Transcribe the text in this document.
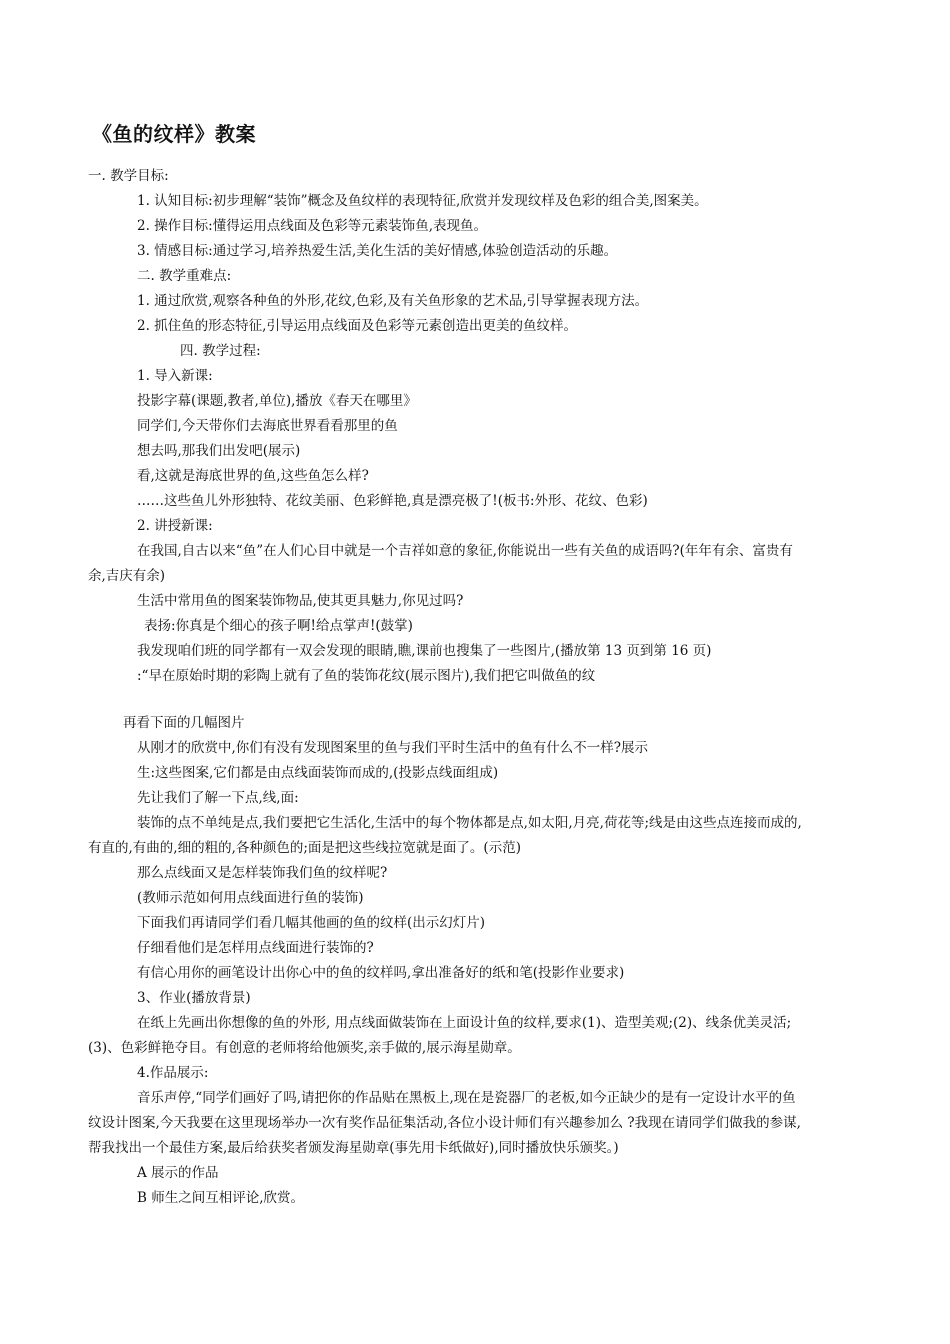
《鱼的纹样》教案
一. 教学目标:
1. 认知目标:初步理解“装饰”概念及鱼纹样的表现特征,欣赏并发现纹样及色彩的组合美,图案美。
2. 操作目标:懂得运用点线面及色彩等元素装饰鱼,表现鱼。
3. 情感目标:通过学习,培养热爱生活,美化生活的美好情感,体验创造活动的乐趣。
二. 教学重难点:
1. 通过欣赏,观察各种鱼的外形,花纹,色彩,及有关鱼形象的艺术品,引导掌握表现方法。
2. 抓住鱼的形态特征,引导运用点线面及色彩等元素创造出更美的鱼纹样。
四. 教学过程:
1. 导入新课:
投影字幕(课题,教者,单位),播放《春天在哪里》
同学们,今天带你们去海底世界看看那里的鱼
想去吗,那我们出发吧(展示)
看,这就是海底世界的鱼,这些鱼怎么样?
……这些鱼儿外形独特、花纹美丽、色彩鲜艳,真是漂亮极了!(板书:外形、花纹、色彩)
2. 讲授新课:
在我国,自古以来“鱼”在人们心目中就是一个吉祥如意的象征,你能说出一些有关鱼的成语吗?(年年有余、富贵有
余,吉庆有余)
生活中常用鱼的图案装饰物品,使其更具魅力,你见过吗?
表扬:你真是个细心的孩子啊!给点掌声!(鼓掌)
我发现咱们班的同学都有一双会发现的眼睛,瞧,课前也搜集了一些图片,(播放第 13 页到第 16 页)
:“早在原始时期的彩陶上就有了鱼的装饰花纹(展示图片),我们把它叫做鱼的纹
再看下面的几幅图片
从刚才的欣赏中,你们有没有发现图案里的鱼与我们平时生活中的鱼有什么不一样?展示
生:这些图案,它们都是由点线面装饰而成的,(投影点线面组成)
先让我们了解一下点,线,面:
装饰的点不单纯是点,我们要把它生活化,生活中的每个物体都是点,如太阳,月亮,荷花等;线是由这些点连接而成的,
有直的,有曲的,细的粗的,各种颜色的;面是把这些线拉宽就是面了。(示范)
那么点线面又是怎样装饰我们鱼的纹样呢?
(教师示范如何用点线面进行鱼的装饰)
下面我们再请同学们看几幅其他画的鱼的纹样(出示幻灯片)
仔细看他们是怎样用点线面进行装饰的?
有信心用你的画笔设计出你心中的鱼的纹样吗,拿出准备好的纸和笔(投影作业要求)
3、作业(播放背景)
在纸上先画出你想像的鱼的外形, 用点线面做装饰在上面设计鱼的纹样,要求(1)、造型美观;(2)、线条优美灵活;
(3)、色彩鲜艳夺目。有创意的老师将给他颁奖,亲手做的,展示海星勋章。
4.作品展示:
音乐声停,“同学们画好了吗,请把你的作品贴在黑板上,现在是瓷器厂的老板,如今正缺少的是有一定设计水平的鱼
纹设计图案,今天我要在这里现场举办一次有奖作品征集活动,各位小设计师们有兴趣参加么 ?我现在请同学们做我的参谋,
帮我找出一个最佳方案,最后给获奖者颁发海星勋章(事先用卡纸做好),同时播放快乐颁奖。)
A 展示的作品
B 师生之间互相评论,欣赏。
